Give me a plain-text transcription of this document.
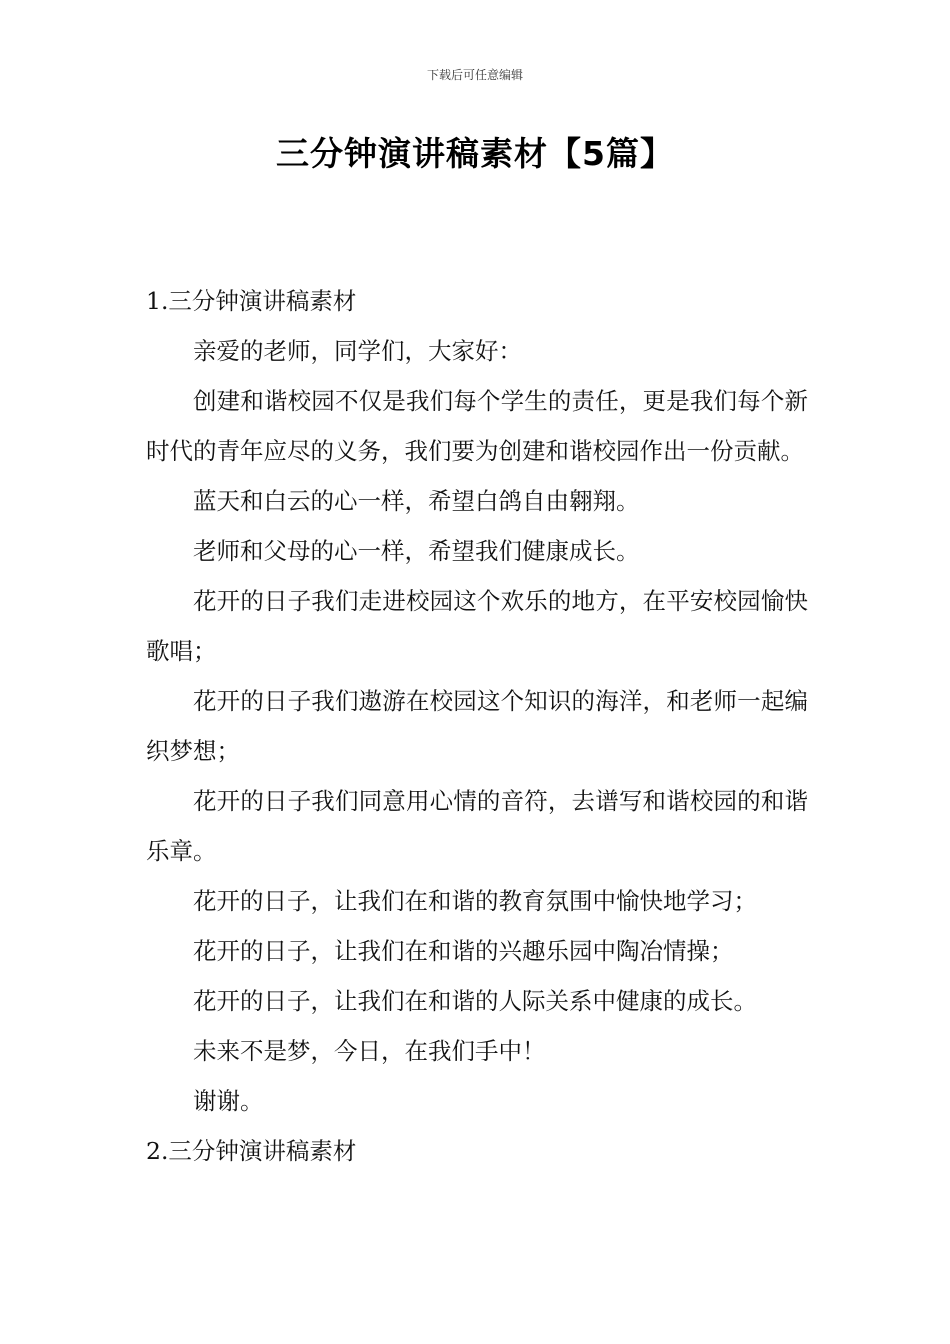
下载后可任意编辑
三分钟演讲稿素材【5篇】

1.三分钟演讲稿素材

亲爱的老师，同学们，大家好：

创建和谐校园不仅是我们每个学生的责任，更是我们每个新时代的青年应尽的义务，我们要为创建和谐校园作出一份贡献。

蓝天和白云的心一样，希望白鸽自由翱翔。

老师和父母的心一样，希望我们健康成长。

花开的日子我们走进校园这个欢乐的地方，在平安校园愉快歌唱；

花开的日子我们遨游在校园这个知识的海洋，和老师一起编织梦想；

花开的日子我们同意用心情的音符，去谱写和谐校园的和谐乐章。

花开的日子，让我们在和谐的教育氛围中愉快地学习；

花开的日子，让我们在和谐的兴趣乐园中陶冶情操；

花开的日子，让我们在和谐的人际关系中健康的成长。

未来不是梦，今日，在我们手中！

谢谢。

2.三分钟演讲稿素材
